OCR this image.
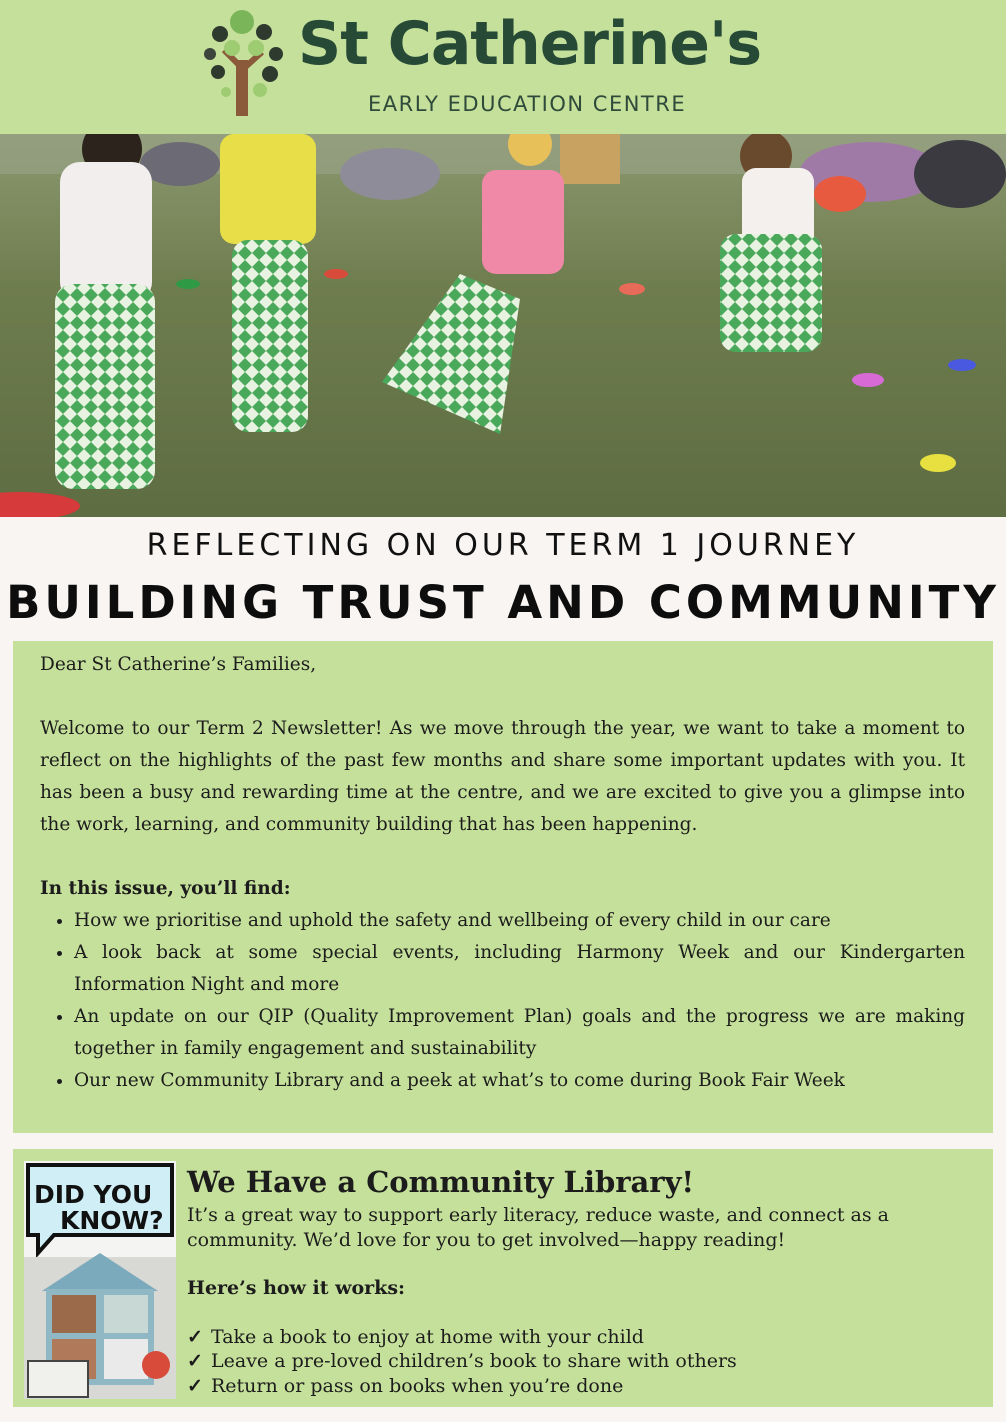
St Catherine's
EARLY EDUCATION CENTRE
REFLECTING ON OUR TERM 1 JOURNEY
BUILDING TRUST AND COMMUNITY

Dear St Catherine’s Families,

Welcome to our Term 2 Newsletter! As we move through the year, we want to take a moment to reflect on the highlights of the past few months and share some important updates with you. It has been a busy and rewarding time at the centre, and we are excited to give you a glimpse into the work, learning, and community building that has been happening.

In this issue, you’ll find:

• How we prioritise and uphold the safety and wellbeing of every child in our care
• A look back at some special events, including Harmony Week and our Kindergarten Information Night and more
• An update on our QIP (Quality Improvement Plan) goals and the progress we are making together in family engagement and sustainability
• Our new Community Library and a peek at what’s to come during Book Fair Week
DID YOU
KNOW?
We Have a Community Library!

It’s a great way to support early literacy, reduce waste, and connect as a community. We’d love for you to get involved—happy reading!

Here’s how it works:

✓ Take a book to enjoy at home with your child
✓ Leave a pre-loved children’s book to share with others
✓ Return or pass on books when you’re done
